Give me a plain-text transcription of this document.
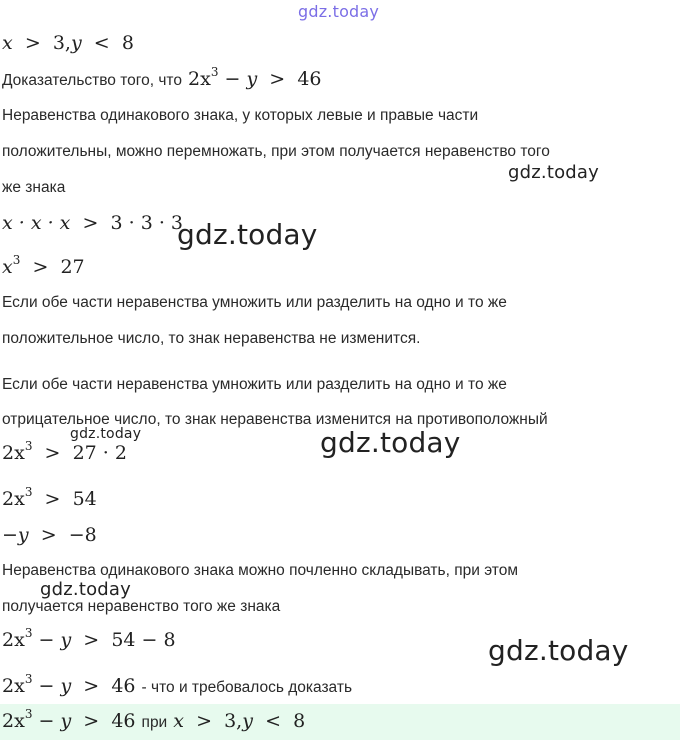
gdz.today
x > 3,y < 8
Доказательство того, что $2x^3 - y > 46$
Неравенства одинакового знака, у которых левые и правые части
положительны, можно перемножать, при этом получается неравенство того
же знака
gdz.today
x · x · x > 3 · 3 · 3
gdz.today
$x^3 > 27$
Если обе части неравенства умножить или разделить на одно и то же
положительное число, то знак неравенства не изменится.
Если обе части неравенства умножить или разделить на одно и то же
отрицательное число, то знак неравенства изменится на противоположный
gdz.today	gdz.today
$2x^3 > 27 \cdot 2$
$2x^3 > 54$
−y > −8
Неравенства одинакового знака можно почленно складывать, при этом
gdz.today
получается неравенство того же знака
$2x^3 - y > 54 - 8$	gdz.today
$2x^3 - y > 46$ - что и требовалось доказать
$2x^3 - y > 46$ при x > 3,y < 8
